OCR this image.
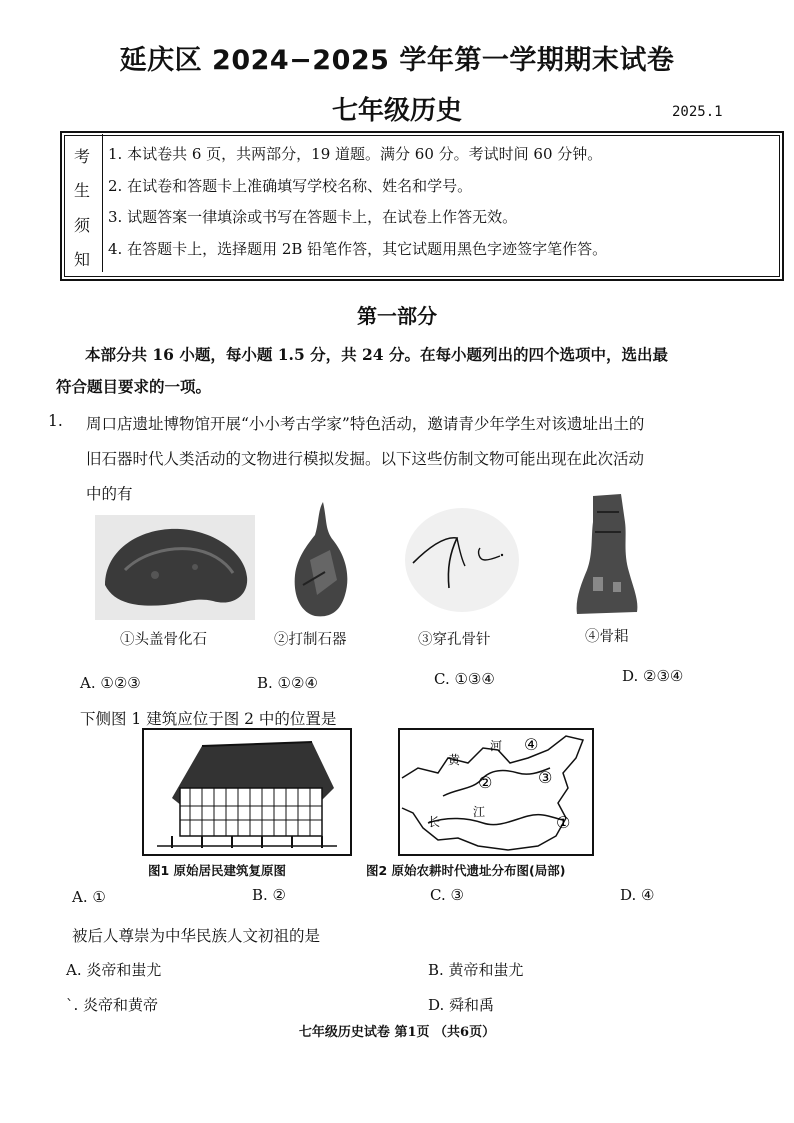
延庆区 2024−2025 学年第一学期期末试卷
七年级历史	2025.1
考
生
须
知
1. 本试卷共 6 页，共两部分，19 道题。满分 60 分。考试时间 60 分钟。
2. 在试卷和答题卡上准确填写学校名称、姓名和学号。
3. 试题答案一律填涂或书写在答题卡上，在试卷上作答无效。
4. 在答题卡上，选择题用 2B 铅笔作答，其它试题用黑色字迹签字笔作答。
第一部分
本部分共 16 小题，每小题 1.5 分，共 24 分。在每小题列出的四个选项中，选出最
符合题目要求的一项。
1. 周口店遗址博物馆开展“小小考古学家”特色活动，邀请青少年学生对该遗址出土的
旧石器时代人类活动的文物进行模拟发掘。以下这些仿制文物可能出现在此次活动
中的有
①头盖骨化石	②打制石器	③穿孔骨针	④骨耜
A. ①②③	B. ①②④	C. ①③④	D. ②③④
下侧图 1 建筑应位于图 2 中的位置是
黄
河
长
江
②	③
④
①
图1 原始居民建筑复原图	图2 原始农耕时代遗址分布图(局部)
A. ①	B. ②	C. ③	D. ④
被后人尊崇为中华民族人文初祖的是
A. 炎帝和蚩尤	B. 黄帝和蚩尤
`. 炎帝和黄帝	D. 舜和禹
七年级历史试卷 第1页 （共6页）
